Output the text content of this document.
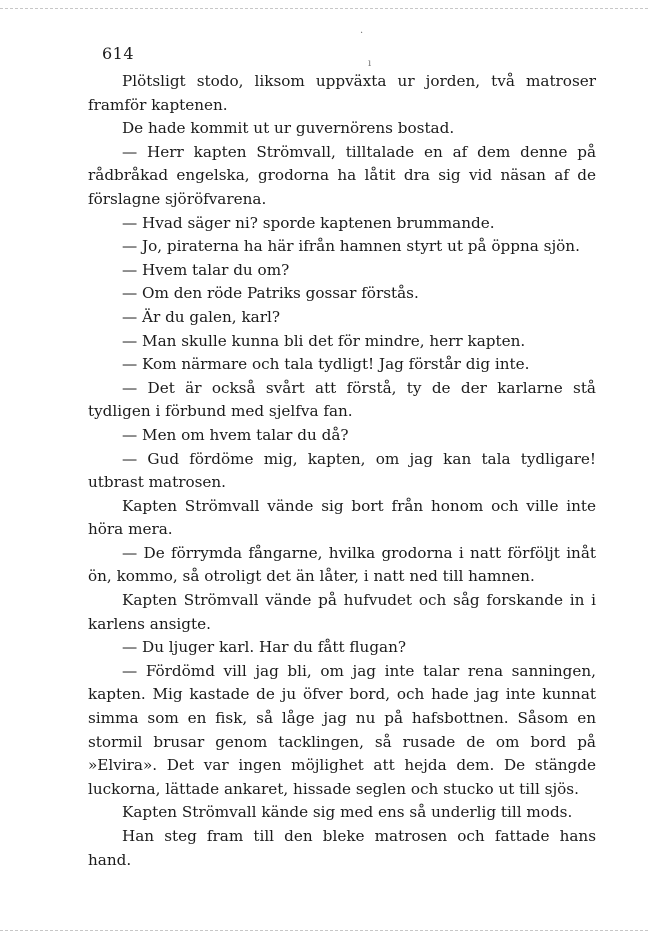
·
ı
614

Plötsligt stodo, liksom uppväxta ur jorden, två matroser framför kaptenen.

De hade kommit ut ur guvernörens bostad.

— Herr kapten Strömvall, tilltalade en af dem denne på rådbråkad engelska, grodorna ha låtit dra sig vid näsan af de förslagne sjöröfvarena.

— Hvad säger ni? sporde kaptenen brummande.

— Jo, piraterna ha här ifrån hamnen styrt ut på öppna sjön.

— Hvem talar du om?

— Om den röde Patriks gossar förstås.

— Är du galen, karl?

— Man skulle kunna bli det för mindre, herr kapten.

— Kom närmare och tala tydligt! Jag förstår dig inte.

— Det är också svårt att förstå, ty de der karlarne stå tydligen i förbund med sjelfva fan.

— Men om hvem talar du då?

— Gud fördöme mig, kapten, om jag kan tala tydligare! utbrast matrosen.

Kapten Strömvall vände sig bort från honom och ville inte höra mera.

— De förrymda fångarne, hvilka grodorna i natt förföljt inåt ön, kommo, så otroligt det än låter, i natt ned till hamnen.

Kapten Strömvall vände på hufvudet och såg forskande in i karlens ansigte.

— Du ljuger karl. Har du fått flugan?

— Fördömd vill jag bli, om jag inte talar rena sanningen, kapten. Mig kastade de ju öfver bord, och hade jag inte kunnat simma som en fisk, så låge jag nu på hafsbottnen. Såsom en stormil brusar genom tacklingen, så rusade de om bord på »Elvira». Det var ingen möjlighet att hejda dem. De stängde luckorna, lättade ankaret, hissade seglen och stucko ut till sjös.

Kapten Strömvall kände sig med ens så underlig till mods.

Han steg fram till den bleke matrosen och fattade hans hand.
